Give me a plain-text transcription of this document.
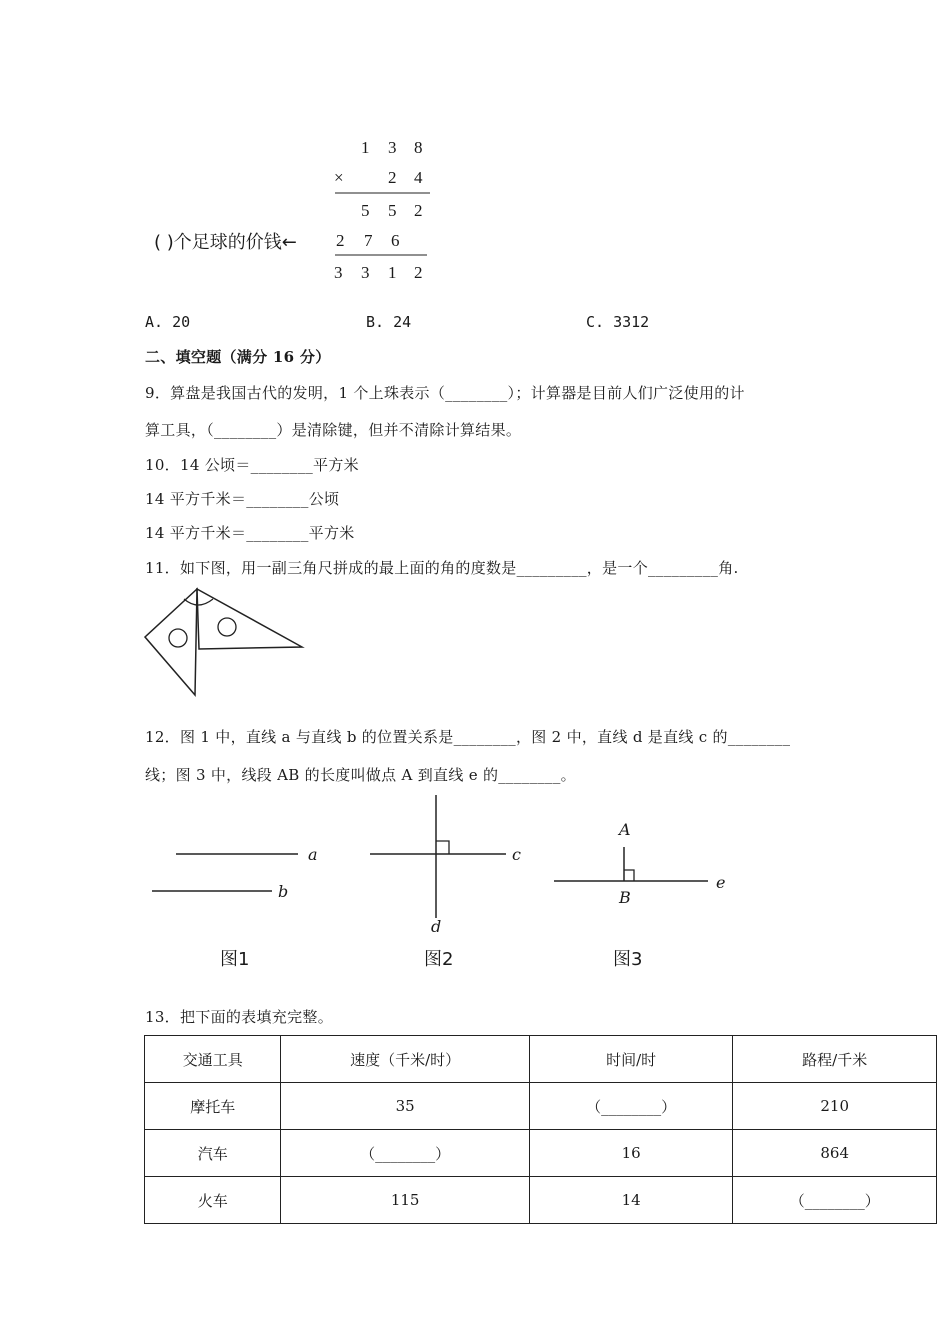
1 3 8
×	2 4
5 5 2
2 7 6
3 3 1 2
( )个足球的价钱←
A. 20	B. 24	C. 3312
二、填空题（满分 16 分）
9．算盘是我国古代的发明，1 个上珠表示（________）；计算器是目前人们广泛使用的计
算工具，（________）是清除键，但并不清除计算结果。
10．14 公顷＝________平方米
14 平方千米＝________公顷
14 平方千米＝________平方米
11．如下图，用一副三角尺拼成的最上面的角的度数是_________，是一个_________角.
12．图 1 中，直线 a 与直线 b 的位置关系是________，图 2 中，直线 d 是直线 c 的________
线；图 3 中，线段 AB 的长度叫做点 A 到直线 e 的________。
a
b
c
d
e
A
B
图1	图2	图3
13．把下面的表填充完整。
交通工具	速度（千米/时）	时间/时	路程/千米
摩托车	35	（________）	210
汽车	（________）	16	864
火车	115	14	（________）
